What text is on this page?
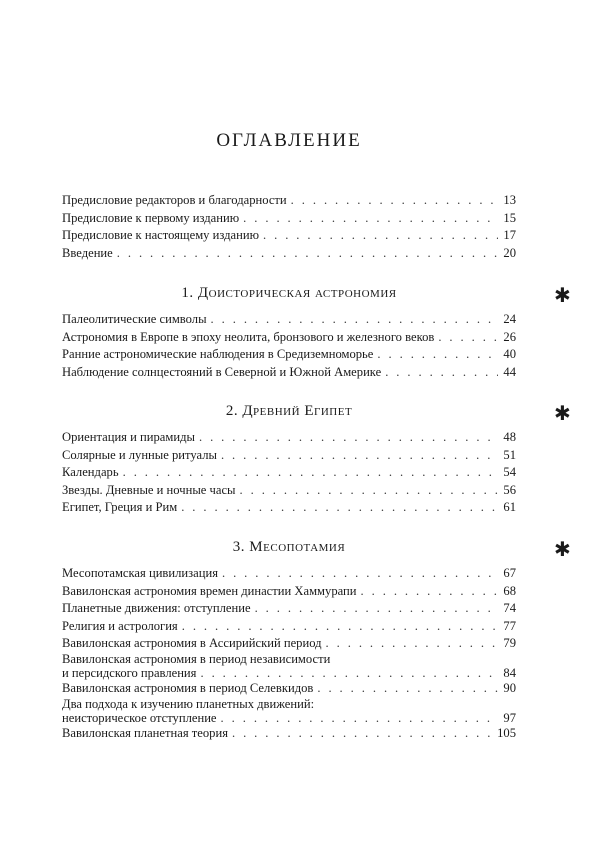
ОГЛАВЛЕНИЕ
Предисловие редакторов и благодарности . . .	13
Предисловие к первому изданию . . .	15
Предисловие к настоящему изданию . . .	17
Введение . . .	20
1. Доисторическая астрономия
Палеолитические символы . . .	24
Астрономия в Европе в эпоху неолита, бронзового и железного веков . . .	26
Ранние астрономические наблюдения в Средиземноморье . . .	40
Наблюдение солнцестояний в Северной и Южной Америке . . .	44
2. Древний Египет
Ориентация и пирамиды . . .	48
Солярные и лунные ритуалы . . .	51
Календарь . . .	54
Звезды. Дневные и ночные часы . . .	56
Египет, Греция и Рим . . .	61
3. Месопотамия
Месопотамская цивилизация . . .	67
Вавилонская астрономия времен династии Хаммурапи . . .	68
Планетные движения: отступление . . .	74
Религия и астрология . . .	77
Вавилонская астрономия в Ассирийский период . . .	79
Вавилонская астрономия в период независимости
и персидского правления . . .	84
Вавилонская астрономия в период Селевкидов . . .	90
Два подхода к изучению планетных движений:
неисторическое отступление . . .	97
Вавилонская планетная теория . . .	105
✱
✱
✱
